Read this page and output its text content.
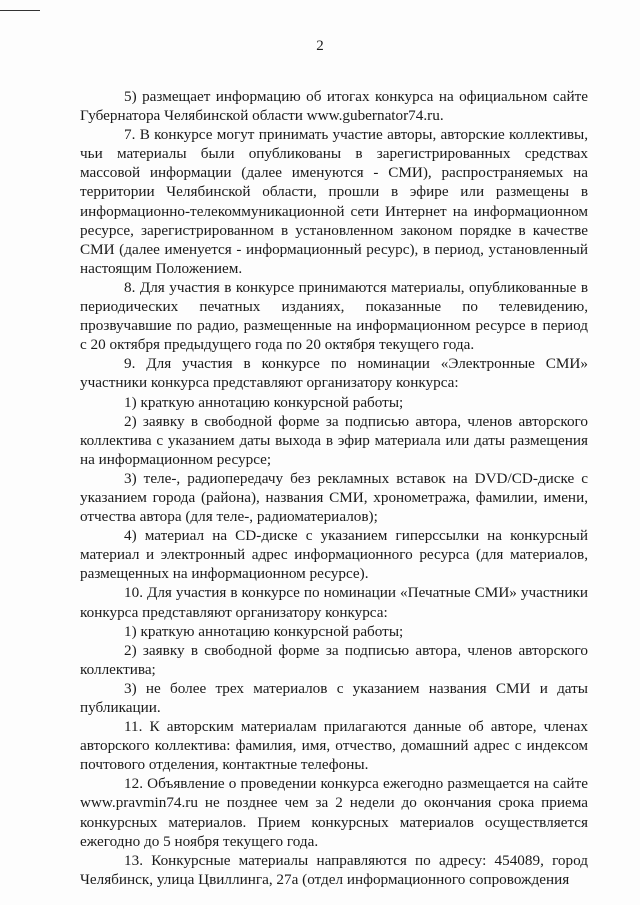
2

5) размещает информацию об итогах конкурса на официальном сайте Губернатора Челябинской области www.gubernator74.ru.

7. В конкурсе могут принимать участие авторы, авторские коллективы, чьи материалы были опубликованы в зарегистрированных средствах массовой информации (далее именуются - СМИ), распространяемых на территории Челябинской области, прошли в эфире или размещены в информационно-телекоммуникационной сети Интернет на информационном ресурсе, зарегистрированном в установленном законом порядке в качестве СМИ (далее именуется - информационный ресурс), в период, установленный настоящим Положением.

8. Для участия в конкурсе принимаются материалы, опубликованные в периодических печатных изданиях, показанные по телевидению, прозвучавшие по радио, размещенные на информационном ресурсе в период с 20 октября предыдущего года по 20 октября текущего года.

9. Для участия в конкурсе по номинации «Электронные СМИ» участники конкурса представляют организатору конкурса:

1) краткую аннотацию конкурсной работы;

2) заявку в свободной форме за подписью автора, членов авторского коллектива с указанием даты выхода в эфир материала или даты размещения на информационном ресурсе;

3) теле-, радиопередачу без рекламных вставок на DVD/CD-диске с указанием города (района), названия СМИ, хронометража, фамилии, имени, отчества автора (для теле-, радиоматериалов);

4) материал на CD-диске с указанием гиперссылки на конкурсный материал и электронный адрес информационного ресурса (для материалов, размещенных на информационном ресурсе).

10. Для участия в конкурсе по номинации «Печатные СМИ» участники конкурса представляют организатору конкурса:

1) краткую аннотацию конкурсной работы;

2) заявку в свободной форме за подписью автора, членов авторского коллектива;

3) не более трех материалов с указанием названия СМИ и даты публикации.

11. К авторским материалам прилагаются данные об авторе, членах авторского коллектива: фамилия, имя, отчество, домашний адрес с индексом почтового отделения, контактные телефоны.

12. Объявление о проведении конкурса ежегодно размещается на сайте www.pravmin74.ru не позднее чем за 2 недели до окончания срока приема конкурсных материалов. Прием конкурсных материалов осуществляется ежегодно до 5 ноября текущего года.

13. Конкурсные материалы направляются по адресу: 454089, город Челябинск, улица Цвиллинга, 27а (отдел информационного сопровождения
